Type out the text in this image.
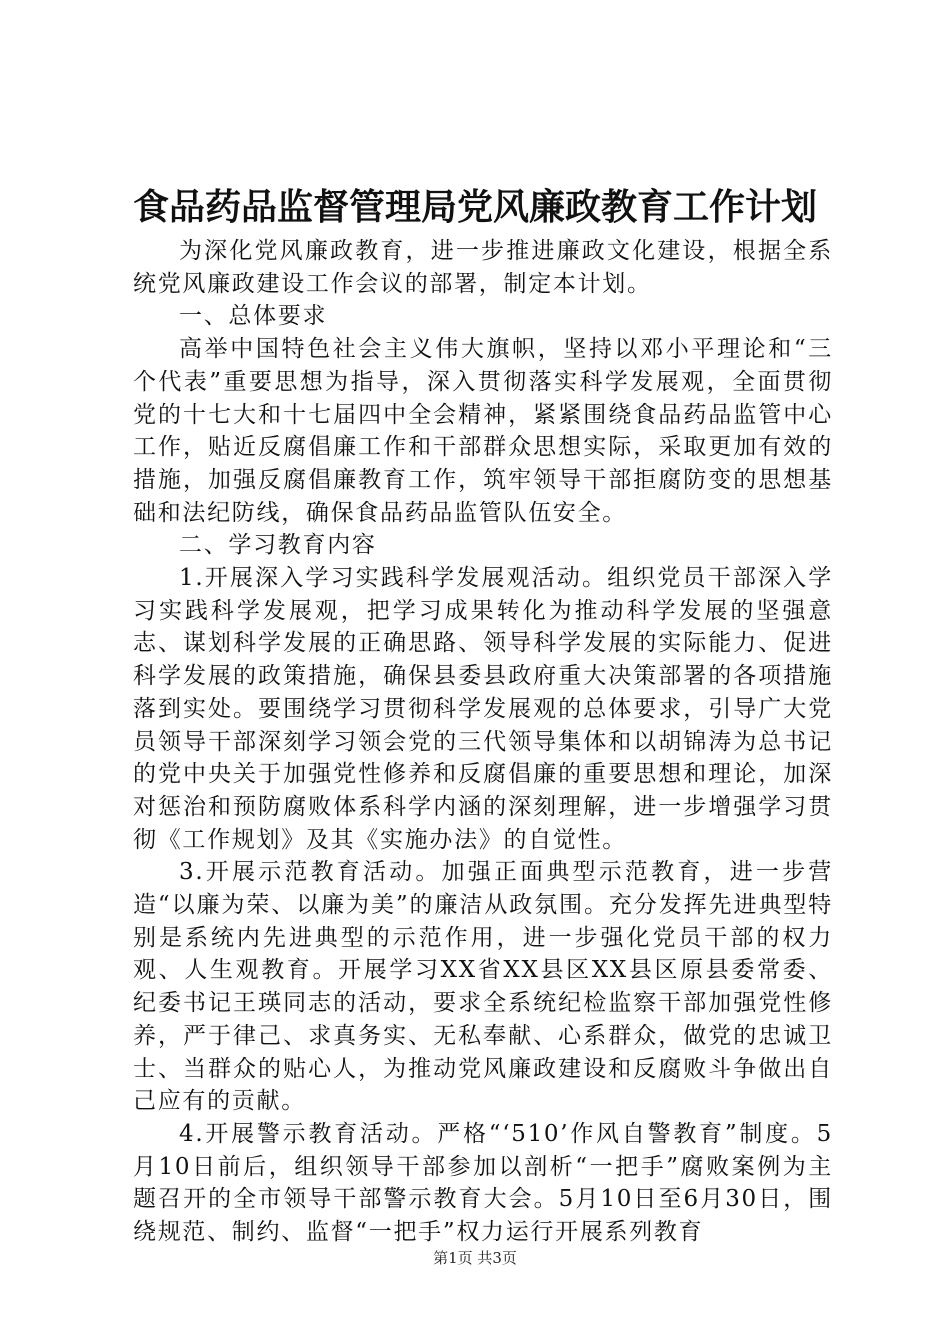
食品药品监督管理局党风廉政教育工作计划

为深化党风廉政教育，进一步推进廉政文化建设，根据全系统党风廉政建设工作会议的部署，制定本计划。

一、总体要求

高举中国特色社会主义伟大旗帜，坚持以邓小平理论和“三个代表”重要思想为指导，深入贯彻落实科学发展观，全面贯彻党的十七大和十七届四中全会精神，紧紧围绕食品药品监管中心工作，贴近反腐倡廉工作和干部群众思想实际，采取更加有效的措施，加强反腐倡廉教育工作，筑牢领导干部拒腐防变的思想基础和法纪防线，确保食品药品监管队伍安全。

二、学习教育内容

1.开展深入学习实践科学发展观活动。组织党员干部深入学习实践科学发展观，把学习成果转化为推动科学发展的坚强意志、谋划科学发展的正确思路、领导科学发展的实际能力、促进科学发展的政策措施，确保县委县政府重大决策部署的各项措施落到实处。要围绕学习贯彻科学发展观的总体要求，引导广大党员领导干部深刻学习领会党的三代领导集体和以胡锦涛为总书记的党中央关于加强党性修养和反腐倡廉的重要思想和理论，加深对惩治和预防腐败体系科学内涵的深刻理解，进一步增强学习贯彻《工作规划》及其《实施办法》的自觉性。

3.开展示范教育活动。加强正面典型示范教育，进一步营造“以廉为荣、以廉为美”的廉洁从政氛围。充分发挥先进典型特别是系统内先进典型的示范作用，进一步强化党员干部的权力观、人生观教育。开展学习XX省XX县区XX县区原县委常委、纪委书记王瑛同志的活动，要求全系统纪检监察干部加强党性修养，严于律己、求真务实、无私奉献、心系群众，做党的忠诚卫士、当群众的贴心人，为推动党风廉政建设和反腐败斗争做出自己应有的贡献。

4.开展警示教育活动。严格“‘510’作风自警教育”制度。5月10日前后，组织领导干部参加以剖析“一把手”腐败案例为主题召开的全市领导干部警示教育大会。5月10日至6月30日，围绕规范、制约、监督“一把手”权力运行开展系列教育

第1页 共3页
